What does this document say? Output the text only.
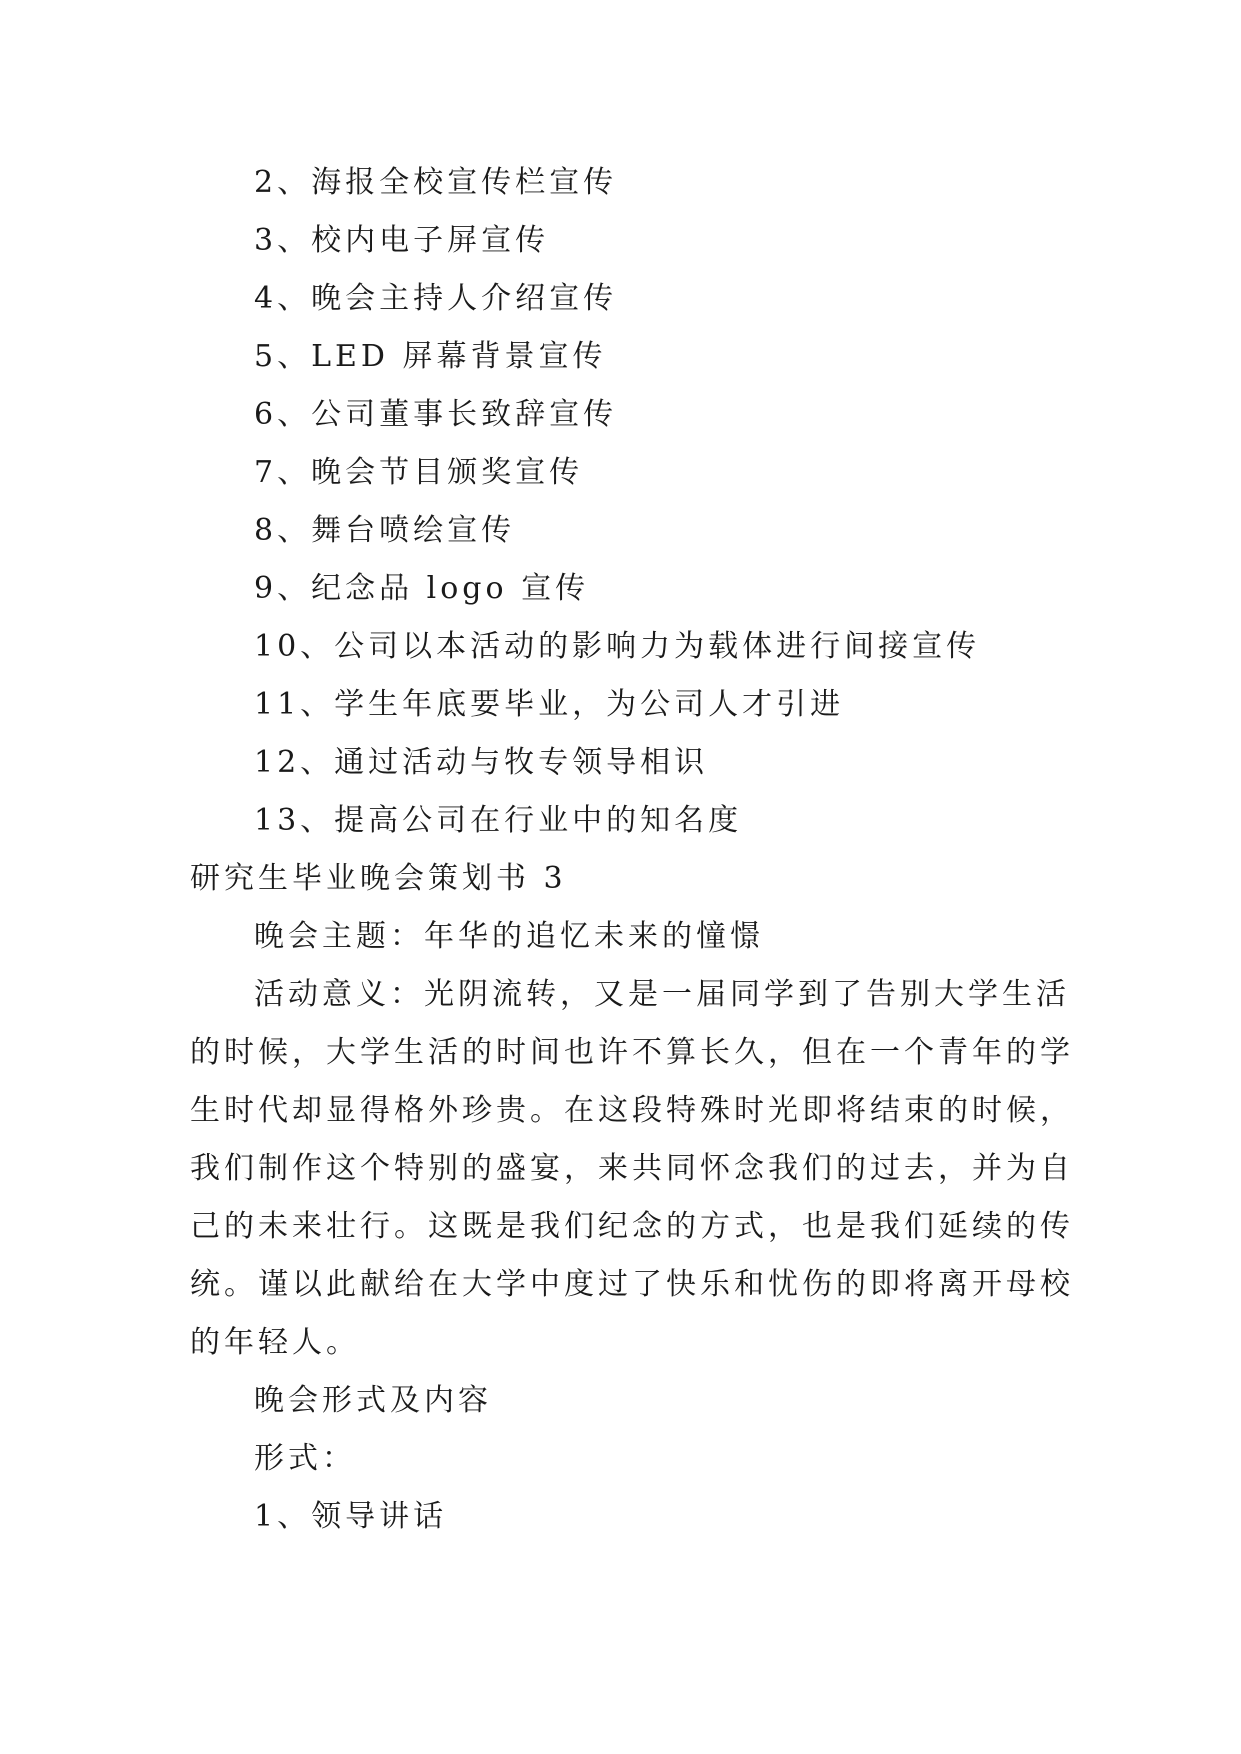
2、海报全校宣传栏宣传
3、校内电子屏宣传
4、晚会主持人介绍宣传
5、LED 屏幕背景宣传
6、公司董事长致辞宣传
7、晚会节目颁奖宣传
8、舞台喷绘宣传
9、纪念品 logo 宣传
10、公司以本活动的影响力为载体进行间接宣传
11、学生年底要毕业，为公司人才引进
12、通过活动与牧专领导相识
13、提高公司在行业中的知名度
研究生毕业晚会策划书 3
晚会主题：年华的追忆未来的憧憬
活动意义：光阴流转，又是一届同学到了告别大学生活
的时候，大学生活的时间也许不算长久，但在一个青年的学
生时代却显得格外珍贵。在这段特殊时光即将结束的时候，
我们制作这个特别的盛宴，来共同怀念我们的过去，并为自
己的未来壮行。这既是我们纪念的方式，也是我们延续的传
统。谨以此献给在大学中度过了快乐和忧伤的即将离开母校
的年轻人。
晚会形式及内容
形式：
1、领导讲话
